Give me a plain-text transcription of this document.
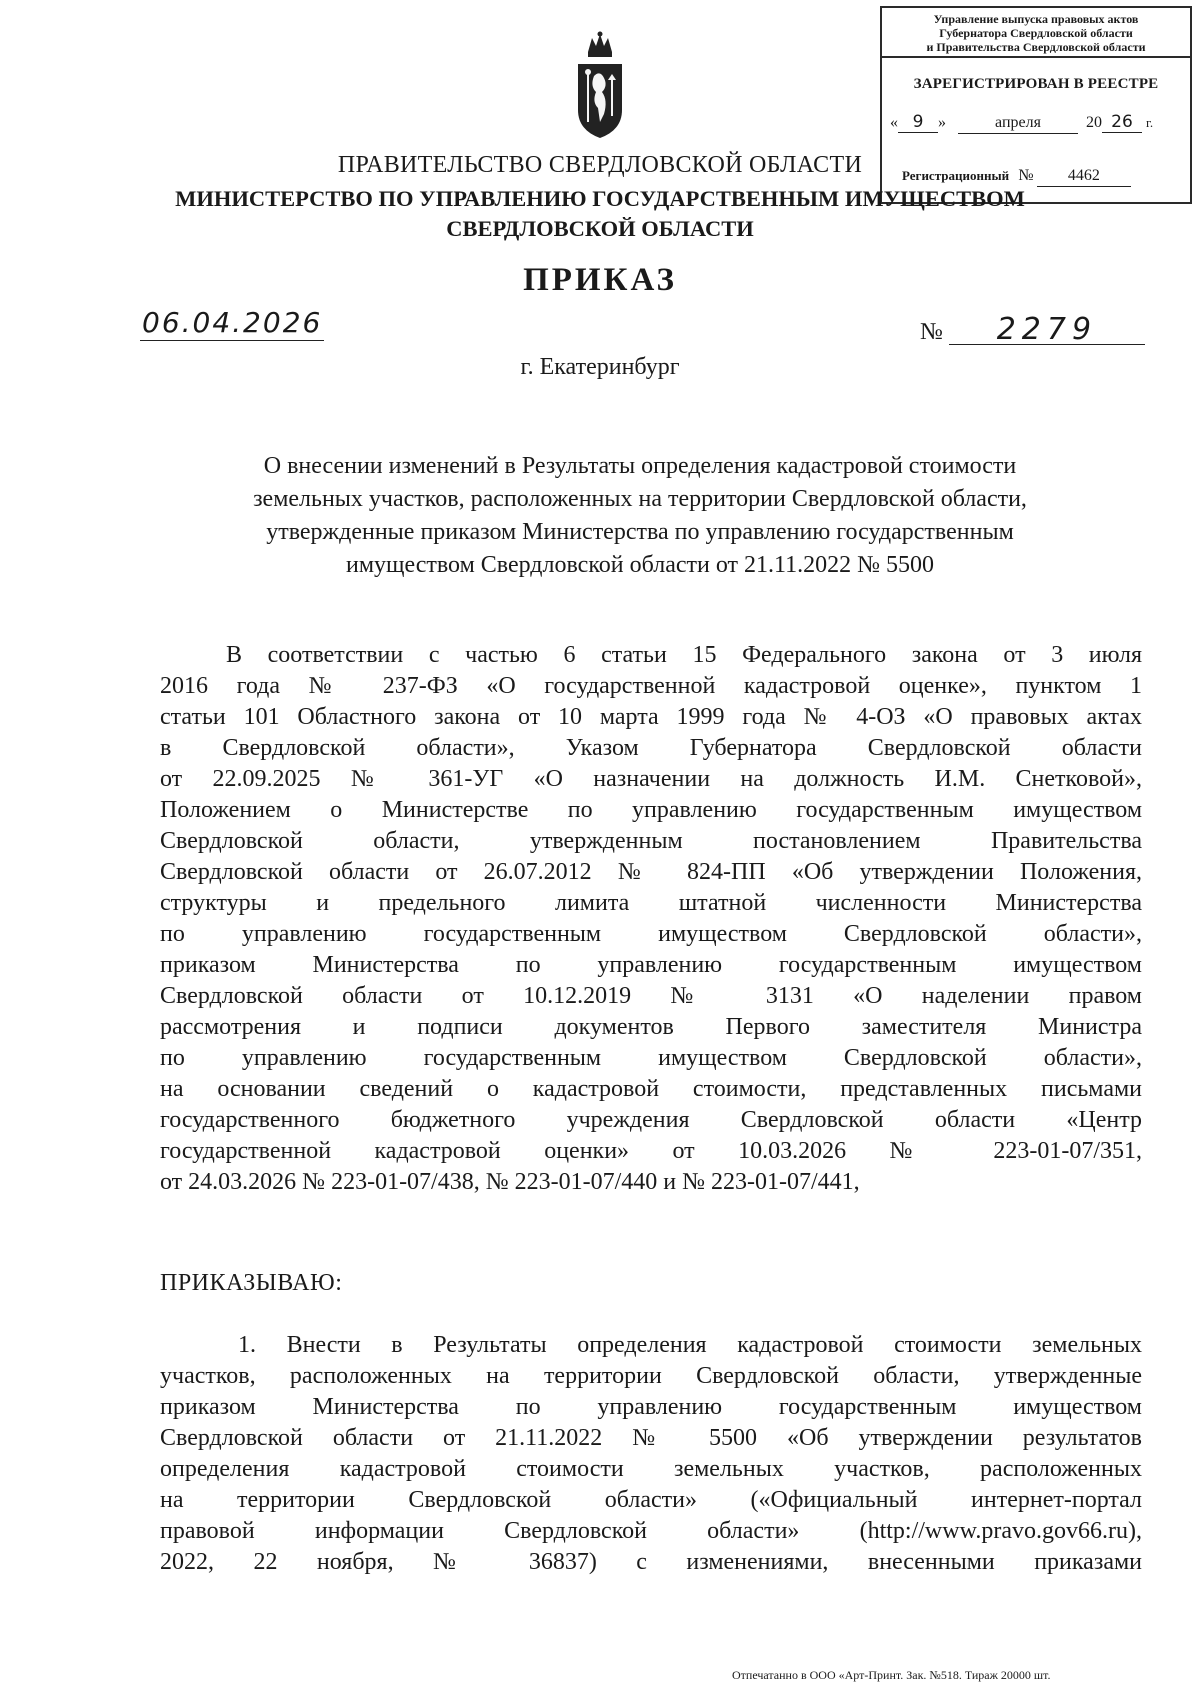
Управление выпуска правовых актов
Губернатора Свердловской области
и Правительства Свердловской области
ЗАРЕГИСТРИРОВАН В РЕЕСТРЕ
« 9 »	апреля	20 26 г.
Регистрационный № 4462
ПРАВИТЕЛЬСТВО СВЕРДЛОВСКОЙ ОБЛАСТИ
МИНИСТЕРСТВО ПО УПРАВЛЕНИЮ ГОСУДАРСТВЕННЫМ ИМУЩЕСТВОМ
СВЕРДЛОВСКОЙ ОБЛАСТИ
ПРИКАЗ
06.04.2026	№ 2279
г. Екатеринбург
О внесении изменений в Результаты определения кадастровой стоимости
земельных участков, расположенных на территории Свердловской области,
утвержденные приказом Министерства по управлению государственным
имуществом Свердловской области от 21.11.2022 № 5500
В соответствии с частью 6 статьи 15 Федерального закона от 3 июля
2016 года № 237-ФЗ «О государственной кадастровой оценке», пунктом 1
статьи 101 Областного закона от 10 марта 1999 года № 4-ОЗ «О правовых актах
в Свердловской области», Указом Губернатора Свердловской области
от 22.09.2025 № 361-УГ «О назначении на должность И.М. Снетковой»,
Положением о Министерстве по управлению государственным имуществом
Свердловской области, утвержденным постановлением Правительства
Свердловской области от 26.07.2012 № 824-ПП «Об утверждении Положения,
структуры и предельного лимита штатной численности Министерства
по управлению государственным имуществом Свердловской области»,
приказом Министерства по управлению государственным имуществом
Свердловской области от 10.12.2019 № 3131 «О наделении правом
рассмотрения и подписи документов Первого заместителя Министра
по управлению государственным имуществом Свердловской области»,
на основании сведений о кадастровой стоимости, представленных письмами
государственного бюджетного учреждения Свердловской области «Центр
государственной кадастровой оценки» от 10.03.2026 № 223-01-07/351,
от 24.03.2026 № 223-01-07/438, № 223-01-07/440 и № 223-01-07/441,
ПРИКАЗЫВАЮ:
1. Внести в Результаты определения кадастровой стоимости земельных
участков, расположенных на территории Свердловской области, утвержденные
приказом Министерства по управлению государственным имуществом
Свердловской области от 21.11.2022 № 5500 «Об утверждении результатов
определения кадастровой стоимости земельных участков, расположенных
на территории Свердловской области» («Официальный интернет-портал
правовой информации Свердловской области» (http://www.pravo.gov66.ru),
2022, 22 ноября, № 36837) с изменениями, внесенными приказами
Отпечатанно в ООО «Арт-Принт. Зак. №518. Тираж 20000 шт.
